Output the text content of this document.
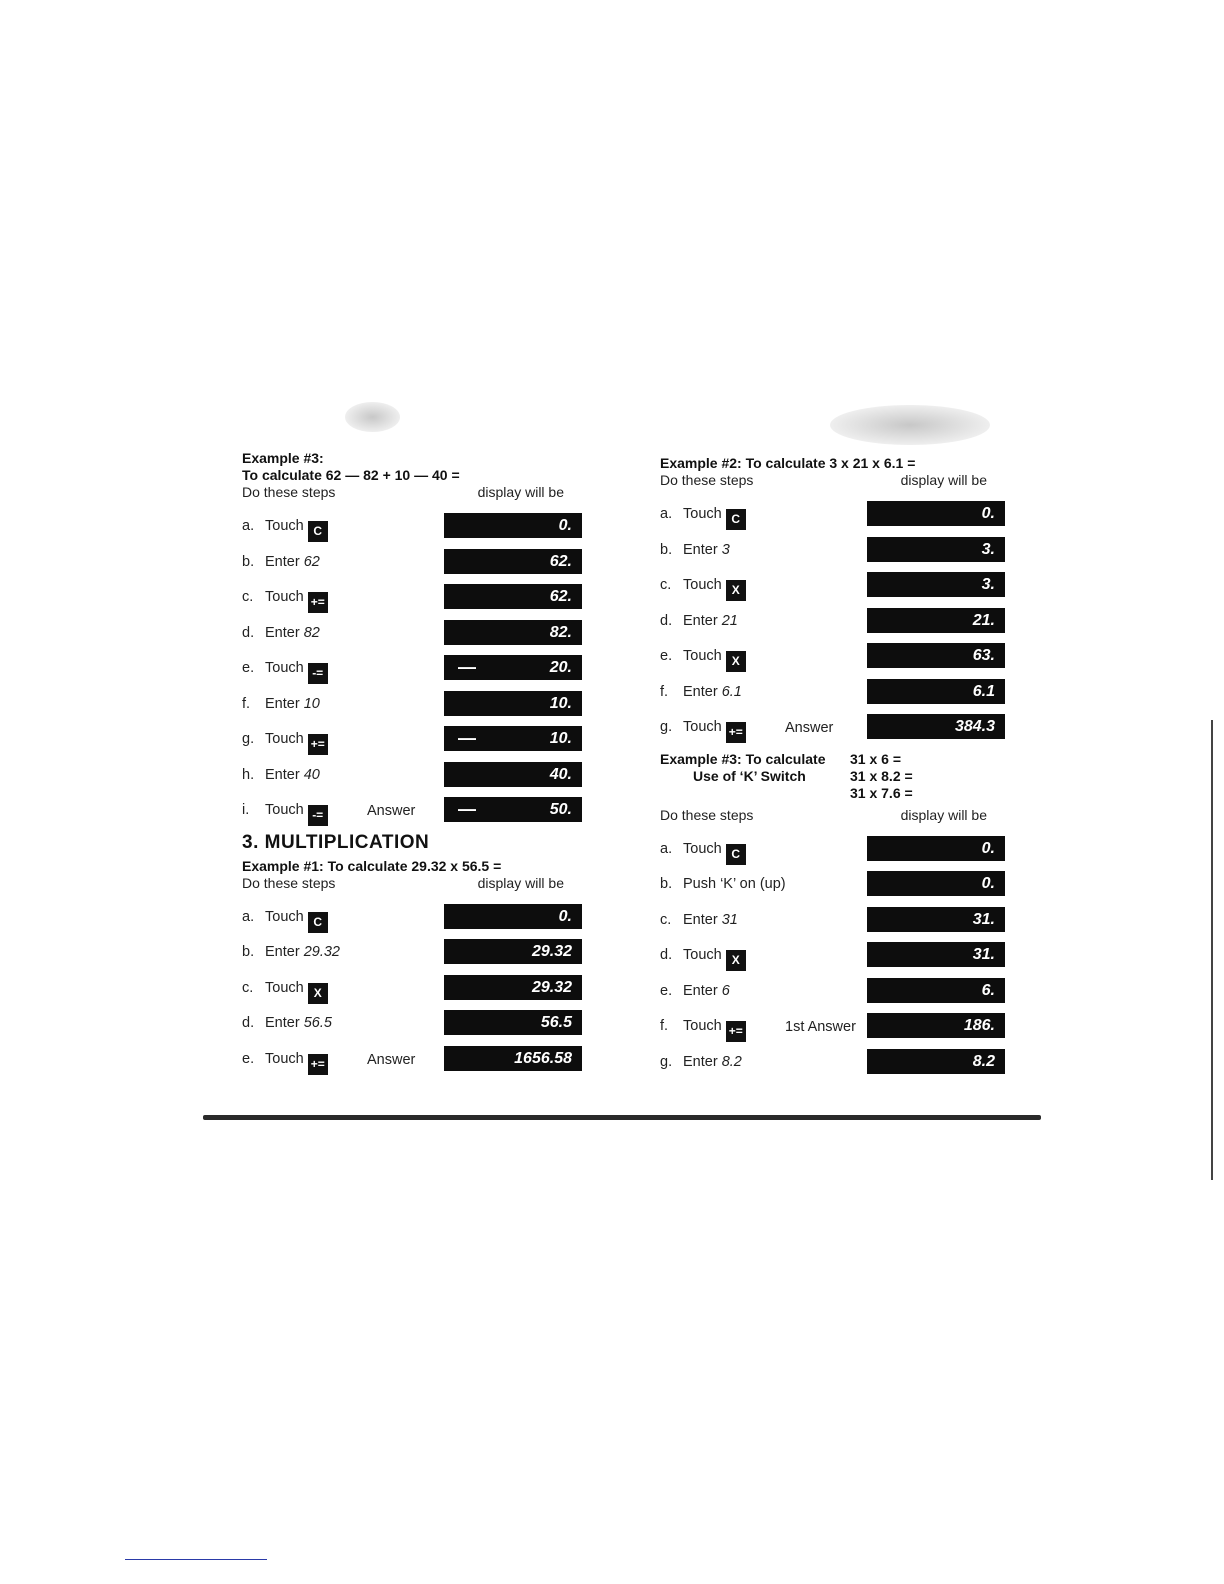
Example #3:
To calculate 62 — 82 + 10 — 40 =
Do these steps	display will be
a. Touch C	0.
b. Enter 62	62.
c. Touch +=	62.
d. Enter 82	82.
e. Touch -=	—	20.
f.	Enter 10	10.
g. Touch +=	—	10.
h. Enter 40	40.
i.	Touch -=	Answer —	50.
3. MULTIPLICATION
Example #1: To calculate 29.32 x 56.5 =
Do these steps	display will be
a. Touch C	0.
b. Enter 29.32	29.32
c. Touch X	29.32
d. Enter 56.5	56.5
e. Touch +=	Answer	1656.58
Example #2: To calculate 3 x 21 x 6.1 =
Do these steps	display will be
a. Touch C	0.
b. Enter 3	3.
c. Touch X	3.
d. Enter 21	21.
e. Touch X	63.
f.	Enter 6.1	6.1
g. Touch +=	Answer	384.3
Example #3: To calculate
Use of ‘K’ Switch
31 x 6 =
31 x 8.2 =
31 x 7.6 =
Do these steps	display will be
a. Touch C	0.
b. Push ‘K’ on (up)	0.
c. Enter 31	31.
d. Touch X	31.
e. Enter 6	6.
f.	Touch +=	1st Answer	186.
g. Enter 8.2	8.2
